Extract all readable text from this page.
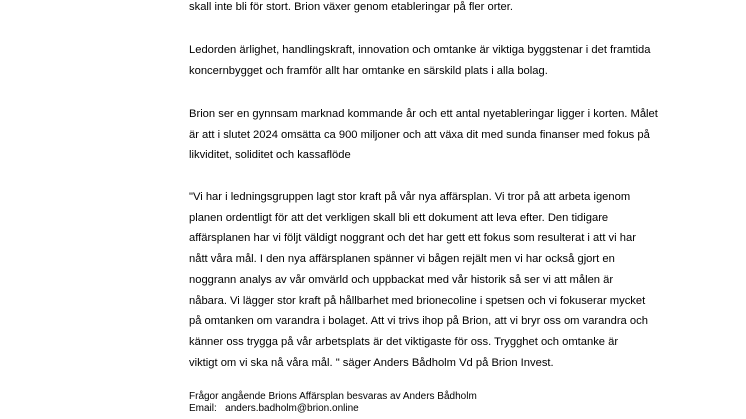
skall inte bli för stort. Brion växer genom etableringar på fler orter.

Ledorden ärlighet, handlingskraft, innovation och omtanke är viktiga byggstenar i det framtida
koncernbygget och framför allt har omtanke en särskild plats i alla bolag.

Brion ser en gynnsam marknad kommande år och ett antal nyetableringar ligger i korten. Målet
är att i slutet 2024 omsätta ca 900 miljoner och att växa dit med sunda finanser med fokus på
likviditet, soliditet och kassaflöde

"Vi har i ledningsgruppen lagt stor kraft på vår nya affärsplan. Vi tror på att arbeta igenom
planen ordentligt för att det verkligen skall bli ett dokument att leva efter. Den tidigare
affärsplanen har vi följt väldigt noggrant och det har gett ett fokus som resulterat i att vi har
nått våra mål. I den nya affärsplanen spänner vi bågen rejält men vi har också gjort en
noggrann analys av vår omvärld och uppbackat med vår historik så ser vi att målen är
nåbara. Vi lägger stor kraft på hållbarhet med brionecoline i spetsen och vi fokuserar mycket
på omtanken om varandra i bolaget. Att vi trivs ihop på Brion, att vi bryr oss om varandra och
känner oss trygga på vår arbetsplats är det viktigaste för oss. Trygghet och omtanke är
viktigt om vi ska nå våra mål. " säger Anders Bådholm Vd på Brion Invest.

Frågor angående Brions Affärsplan besvaras av Anders Bådholm
Email: anders.badholm@brion.online
